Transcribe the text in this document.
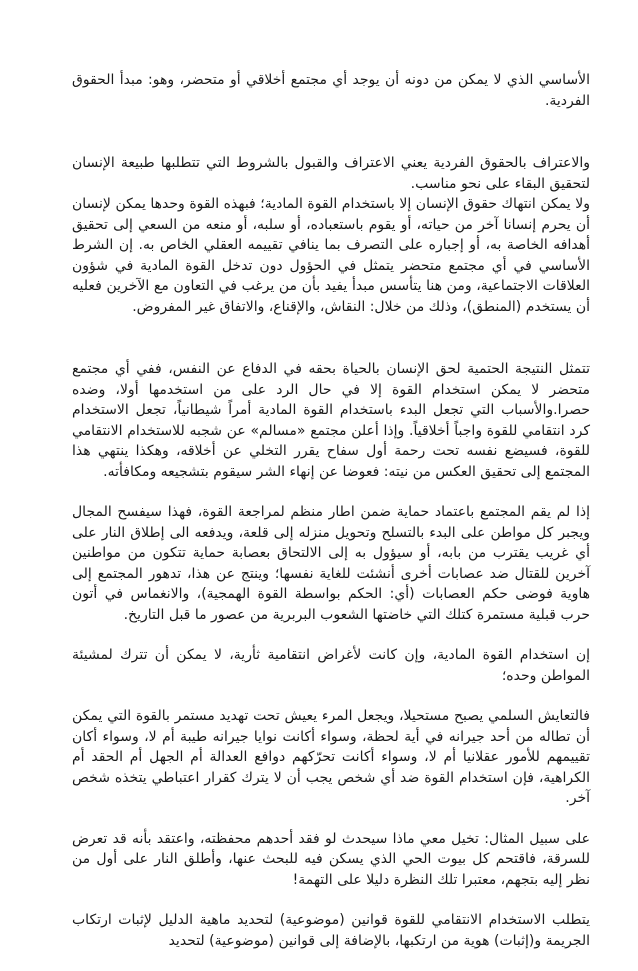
الأساسي الذي لا يمكن من دونه أن يوجد أي مجتمع أخلاقي أو متحضر، وهو: مبدأ الحقوق الفردية.

والاعتراف بالحقوق الفردية يعني الاعتراف والقبول بالشروط التي تتطلبها طبيعة الإنسان لتحقيق البقاء على نحو مناسب.
ولا يمكن انتهاك حقوق الإنسان إلا باستخدام القوة المادية؛ فبهذه القوة وحدها يمكن لإنسان أن يحرم إنسانا آخر من حياته، أو يقوم باستعباده، أو سلبه، أو منعه من السعي إلى تحقيق أهدافه الخاصة به، أو إجباره على التصرف بما ينافي تقييمه العقلي الخاص به. إن الشرط الأساسي في أي مجتمع متحضر يتمثل في الحؤول دون تدخل القوة المادية في شؤون العلاقات الاجتماعية، ومن هنا يتأسس مبدأ يفيد بأن من يرغب في التعاون مع الآخرين فعليه أن يستخدم (المنطق)، وذلك من خلال: النقاش، والإقناع، والاتفاق غير المفروض.

تتمثل النتيجة الحتمية لحق الإنسان بالحياة بحقه في الدفاع عن النفس، ففي أي مجتمع متحضر لا يمكن استخدام القوة إلا في حال الرد على من استخدمها أولا، وضده حصرا.والأسباب التي تجعل البدء باستخدام القوة المادية أمراً شيطانياً، تجعل الاستخدام كرد انتقامي للقوة واجباً أخلاقياً. وإذا أعلن مجتمع «مسالم» عن شجبه للاستخدام الانتقامي للقوة، فسيضع نفسه تحت رحمة أول سفاح يقرر التخلي عن أخلاقه، وهكذا ينتهي هذا المجتمع إلى تحقيق العكس من نيته: فعوضا عن إنهاء الشر سيقوم بتشجيعه ومكافأته.

إذا لم يقم المجتمع باعتماد حماية ضمن اطار منظم لمراجعة القوة، فهذا سيفسح المجال ويجبر كل مواطن على البدء بالتسلح وتحويل منزله إلى قلعة، ويدفعه الى إطلاق النار على أي غريب يقترب من بابه، أو سيؤول به إلى الالتحاق بعصابة حماية تتكون من مواطنين آخرين للقتال ضد عصابات أخرى أنشئت للغاية نفسها؛ وينتج عن هذا، تدهور المجتمع إلى هاوية فوضى حكم العصابات (أي: الحكم بواسطة القوة الهمجية)، والانغماس في أتون حرب قبلية مستمرة كتلك التي خاضتها الشعوب البربرية من عصور ما قبل التاريخ.

إن استخدام القوة المادية، وإن كانت لأغراض انتقامية ثأرية، لا يمكن أن تترك لمشيئة المواطن وحده؛

فالتعايش السلمي يصبح مستحيلا، ويجعل المرء يعيش تحت تهديد مستمر بالقوة التي يمكن أن تطاله من أحد جيرانه في أية لحظة، وسواء أكانت نوايا جيرانه طيبة أم لا، وسواء أكان تقييمهم للأمور عقلانيا أم لا، وسواء أكانت تحرّكهم دوافع العدالة أم الجهل أم الحقد أم الكراهية، فإن استخدام القوة ضد أي شخص يجب أن لا يترك كقرار اعتباطي يتخذه شخص آخر.

على سبيل المثال: تخيل معي ماذا سيحدث لو فقد أحدهم محفظته، واعتقد بأنه قد تعرض للسرقة، فاقتحم كل بيوت الحي الذي يسكن فيه للبحث عنها، وأطلق النار على أول من نظر إليه بتجهم، معتبرا تلك النظرة دليلا على التهمة!

يتطلب الاستخدام الانتقامي للقوة قوانين (موضوعية) لتحديد ماهية الدليل لإثبات ارتكاب الجريمة و(إثبات) هوية من ارتكبها، بالإضافة إلى قوانين (موضوعية) لتحديد
